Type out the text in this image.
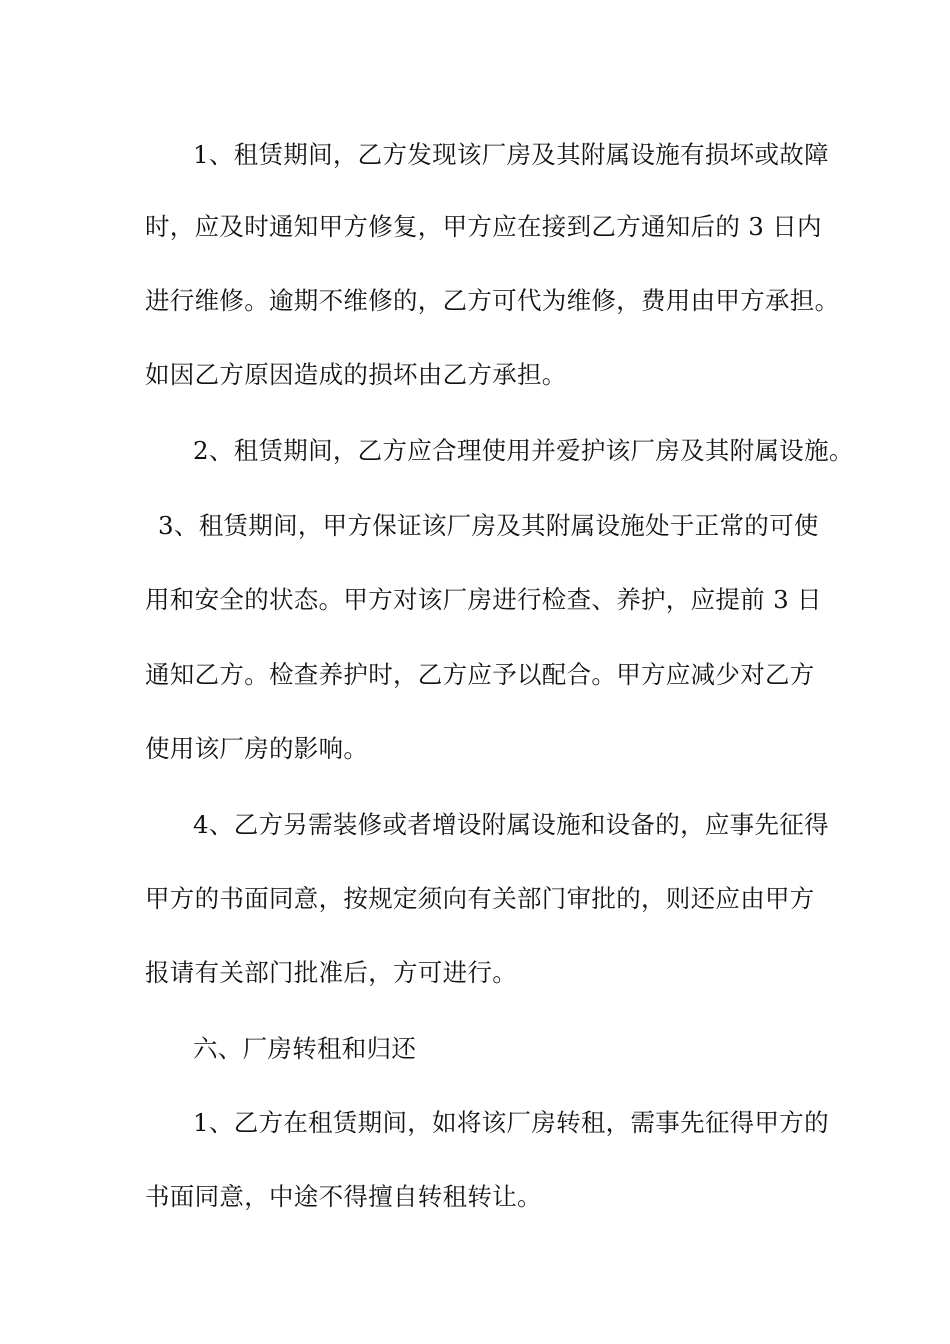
1、租赁期间，乙方发现该厂房及其附属设施有损坏或故障
时，应及时通知甲方修复，甲方应在接到乙方通知后的 3 日内
进行维修。逾期不维修的，乙方可代为维修，费用由甲方承担。
如因乙方原因造成的损坏由乙方承担。
2、租赁期间，乙方应合理使用并爱护该厂房及其附属设施。
3、租赁期间，甲方保证该厂房及其附属设施处于正常的可使
用和安全的状态。甲方对该厂房进行检查、养护，应提前 3 日
通知乙方。检查养护时，乙方应予以配合。甲方应减少对乙方
使用该厂房的影响。
4、乙方另需装修或者增设附属设施和设备的，应事先征得
甲方的书面同意，按规定须向有关部门审批的，则还应由甲方
报请有关部门批准后，方可进行。
六、厂房转租和归还
1、乙方在租赁期间，如将该厂房转租，需事先征得甲方的
书面同意，中途不得擅自转租转让。
